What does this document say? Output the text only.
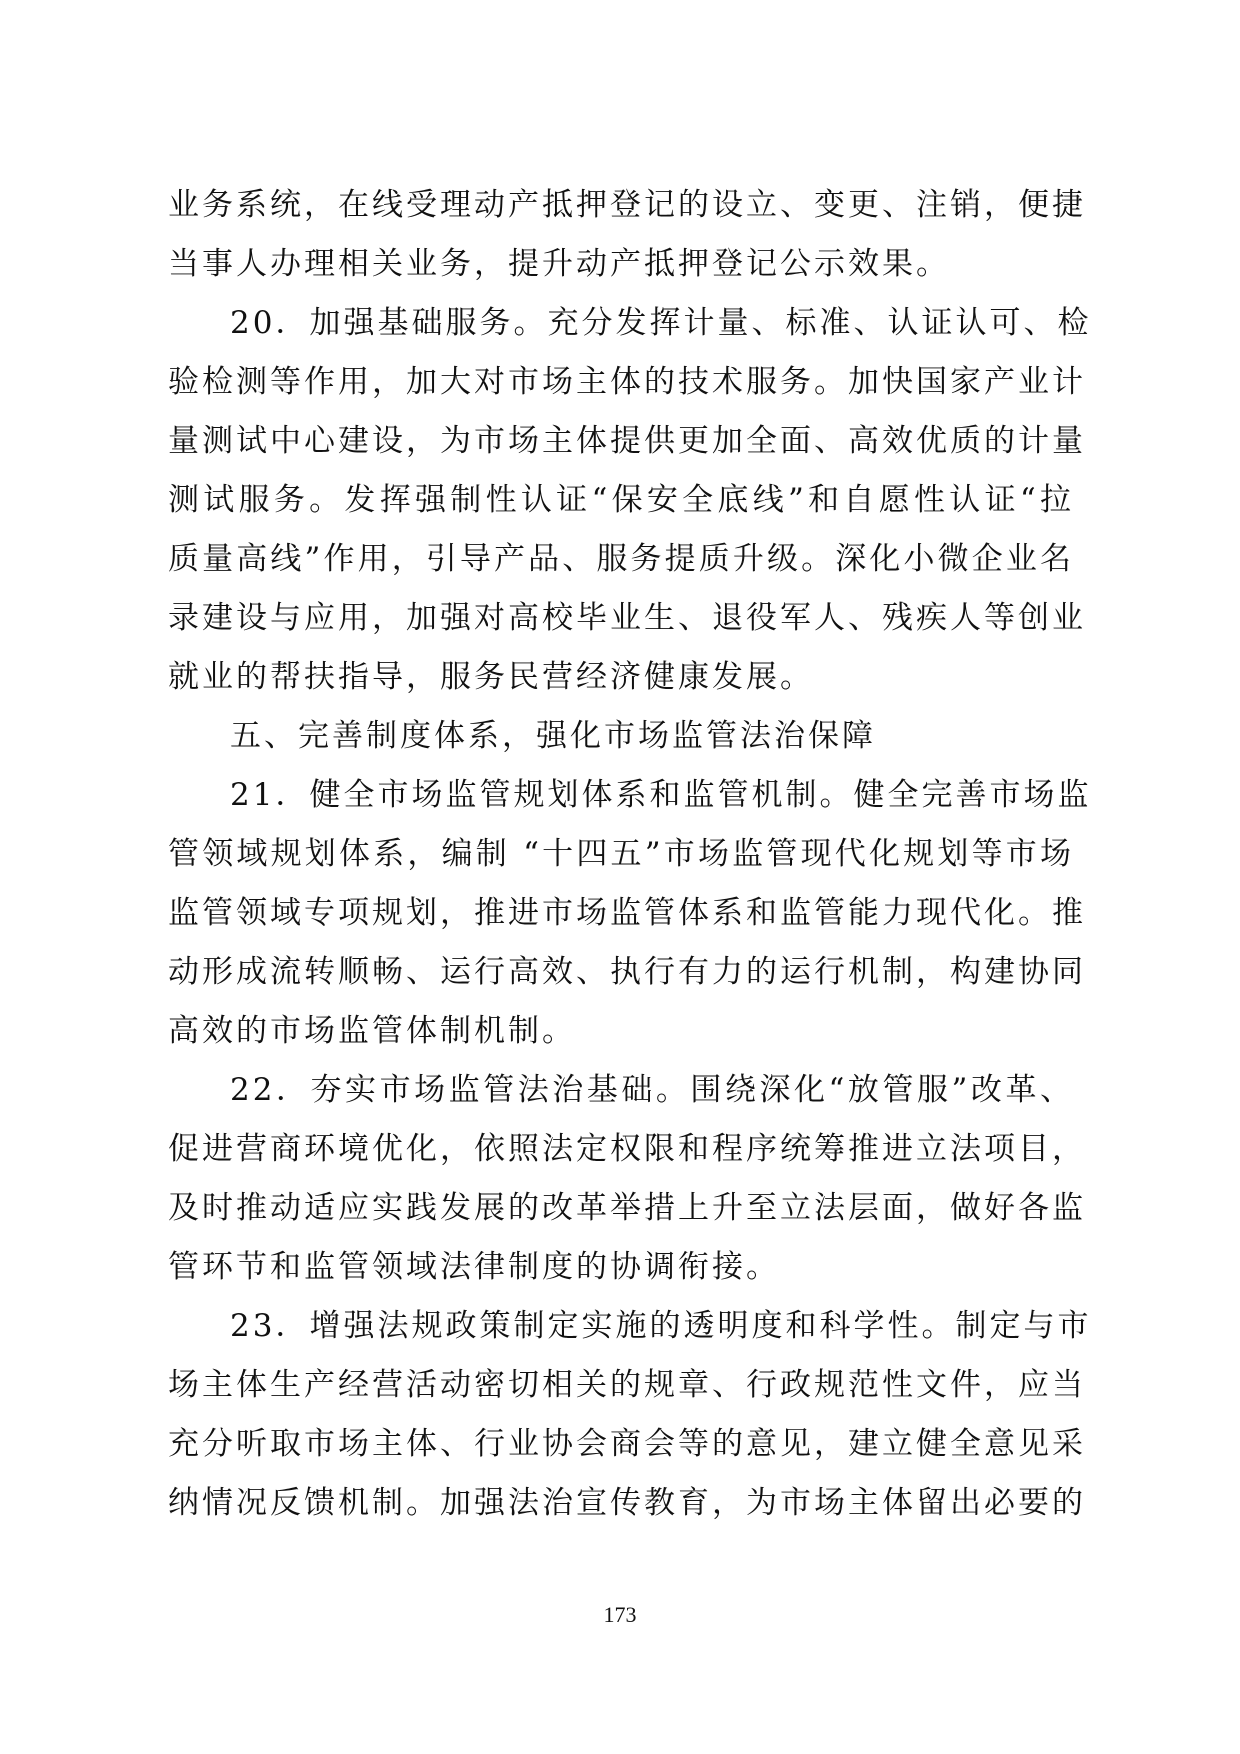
业务系统，在线受理动产抵押登记的设立、变更、注销，便捷
当事人办理相关业务，提升动产抵押登记公示效果。
20．加强基础服务。充分发挥计量、标准、认证认可、检
验检测等作用，加大对市场主体的技术服务。加快国家产业计
量测试中心建设，为市场主体提供更加全面、高效优质的计量
测试服务。发挥强制性认证“保安全底线”和自愿性认证“拉
质量高线”作用，引导产品、服务提质升级。深化小微企业名
录建设与应用，加强对高校毕业生、退役军人、残疾人等创业
就业的帮扶指导，服务民营经济健康发展。
五、完善制度体系，强化市场监管法治保障
21．健全市场监管规划体系和监管机制。健全完善市场监
管领域规划体系，编制 “十四五”市场监管现代化规划等市场
监管领域专项规划，推进市场监管体系和监管能力现代化。推
动形成流转顺畅、运行高效、执行有力的运行机制，构建协同
高效的市场监管体制机制。
22．夯实市场监管法治基础。围绕深化“放管服”改革、
促进营商环境优化，依照法定权限和程序统筹推进立法项目，
及时推动适应实践发展的改革举措上升至立法层面，做好各监
管环节和监管领域法律制度的协调衔接。
23．增强法规政策制定实施的透明度和科学性。制定与市
场主体生产经营活动密切相关的规章、行政规范性文件，应当
充分听取市场主体、行业协会商会等的意见，建立健全意见采
纳情况反馈机制。加强法治宣传教育，为市场主体留出必要的
173
